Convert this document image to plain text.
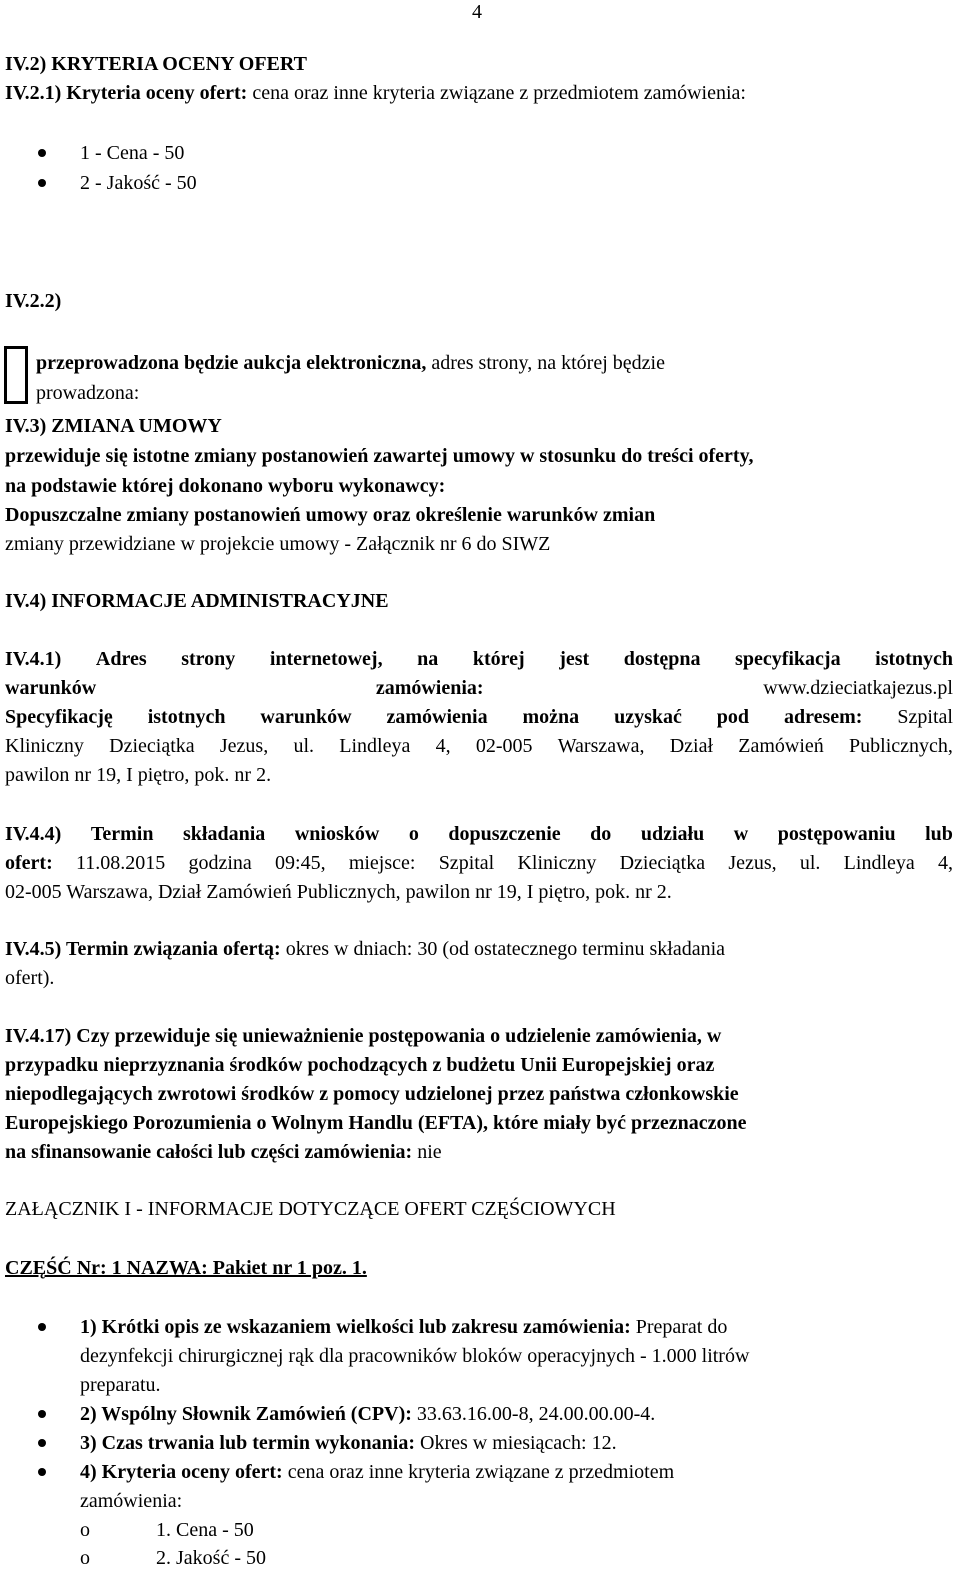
4
IV.2) KRYTERIA OCENY OFERT
IV.2.1) Kryteria oceny ofert: cena oraz inne kryteria związane z przedmiotem zamówienia:
1 - Cena - 50
2 - Jakość - 50
IV.2.2)
przeprowadzona będzie aukcja elektroniczna, adres strony, na której będzie
prowadzona:
IV.3) ZMIANA UMOWY
przewiduje się istotne zmiany postanowień zawartej umowy w stosunku do treści oferty,
na podstawie której dokonano wyboru wykonawcy:
Dopuszczalne zmiany postanowień umowy oraz określenie warunków zmian
zmiany przewidziane w projekcie umowy - Załącznik nr 6 do SIWZ
IV.4) INFORMACJE ADMINISTRACYJNE
IV.4.1) Adres strony internetowej, na której jest dostępna specyfikacja istotnych
warunków	zamówienia:	www.dzieciatkajezus.pl
Specyfikację istotnych warunków zamówienia można uzyskać pod adresem: Szpital
Kliniczny Dzieciątka Jezus, ul. Lindleya 4, 02-005 Warszawa, Dział Zamówień Publicznych,
pawilon nr 19, I piętro, pok. nr 2.
IV.4.4) Termin składania wniosków o dopuszczenie do udziału w postępowaniu lub
ofert: 11.08.2015 godzina 09:45, miejsce: Szpital Kliniczny Dzieciątka Jezus, ul. Lindleya 4,
02-005 Warszawa, Dział Zamówień Publicznych, pawilon nr 19, I piętro, pok. nr 2.
IV.4.5) Termin związania ofertą: okres w dniach: 30 (od ostatecznego terminu składania
ofert).
IV.4.17) Czy przewiduje się unieważnienie postępowania o udzielenie zamówienia, w
przypadku nieprzyznania środków pochodzących z budżetu Unii Europejskiej oraz
niepodlegających zwrotowi środków z pomocy udzielonej przez państwa członkowskie
Europejskiego Porozumienia o Wolnym Handlu (EFTA), które miały być przeznaczone
na sfinansowanie całości lub części zamówienia: nie
ZAŁĄCZNIK I - INFORMACJE DOTYCZĄCE OFERT CZĘŚCIOWYCH
CZĘŚĆ Nr: 1 NAZWA: Pakiet nr 1 poz. 1.
1) Krótki opis ze wskazaniem wielkości lub zakresu zamówienia: Preparat do
dezynfekcji chirurgicznej rąk dla pracowników bloków operacyjnych - 1.000 litrów
preparatu.
2) Wspólny Słownik Zamówień (CPV): 33.63.16.00-8, 24.00.00.00-4.
3) Czas trwania lub termin wykonania: Okres w miesiącach: 12.
4) Kryteria oceny ofert: cena oraz inne kryteria związane z przedmiotem
zamówienia:
o	1. Cena - 50
o	2. Jakość - 50
